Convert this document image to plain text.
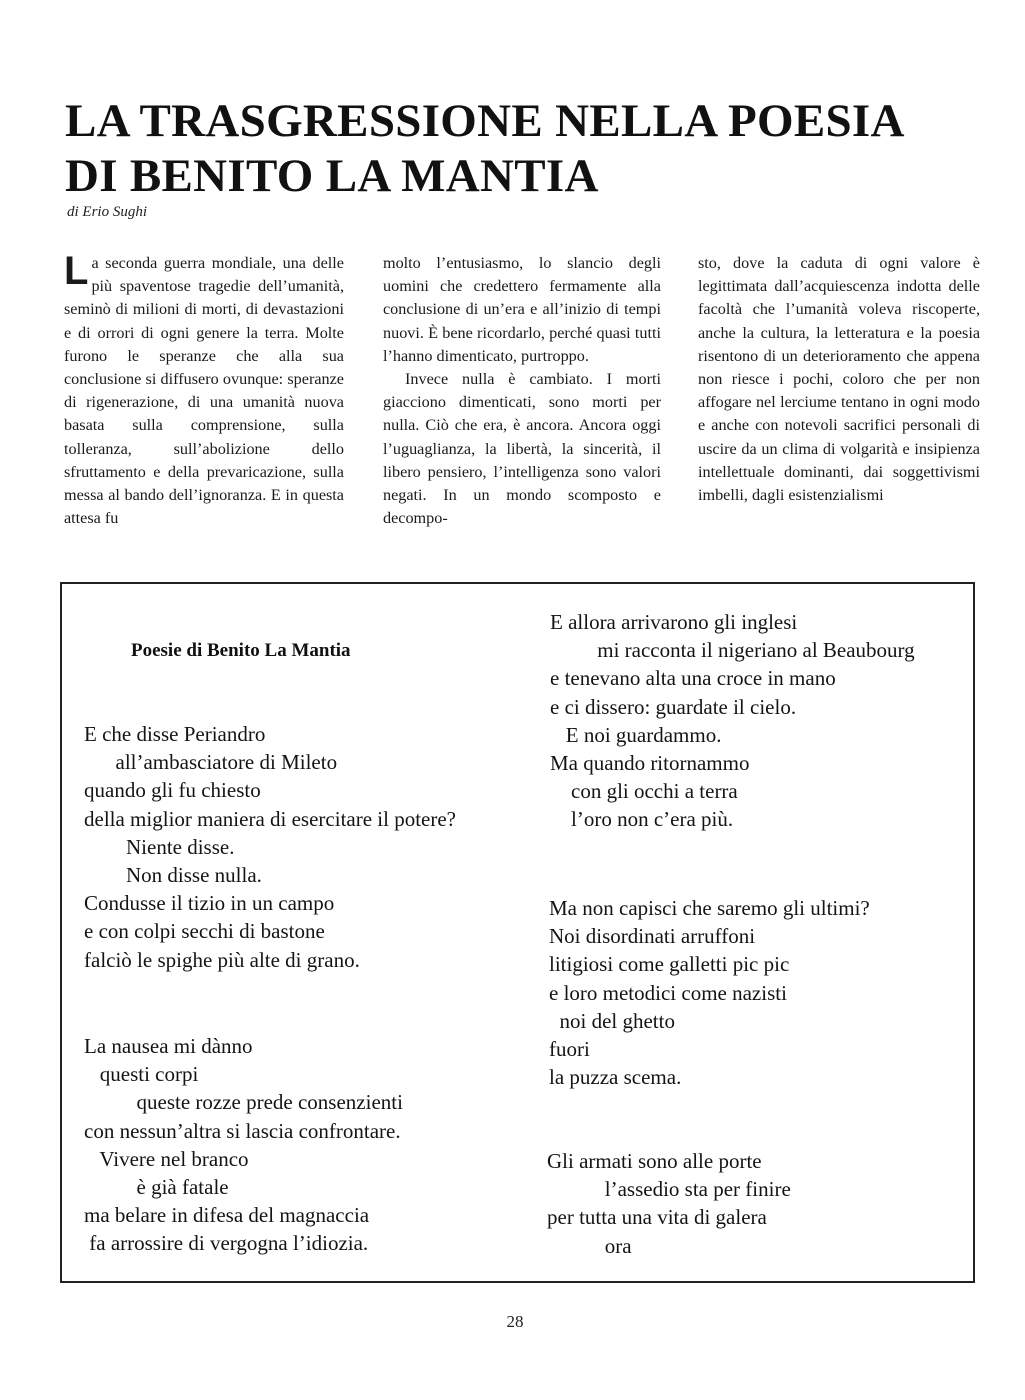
LA TRASGRESSIONE NELLA POESIA
DI BENITO LA MANTIA
di Erio Sughi

La seconda guerra mondiale, una delle più spaventose tragedie dell’umanità, seminò di milioni di morti, di devastazioni e di orrori di ogni genere la terra. Molte furono le speranze che alla sua conclusione si diffusero ovunque: speranze di rigenerazione, di una umanità nuova basata sulla comprensione, sulla tolleranza, sull’abolizione dello sfruttamento e della prevaricazione, sulla messa al bando dell’ignoranza. E in questa attesa fu

molto l’entusiasmo, lo slancio degli uomini che credettero fermamente alla conclusione di un’era e all’inizio di tempi nuovi. È bene ricordarlo, perché quasi tutti l’hanno dimenticato, purtroppo.

Invece nulla è cambiato. I morti giacciono dimenticati, sono morti per nulla. Ciò che era, è ancora. Ancora oggi l’uguaglianza, la libertà, la sincerità, il libero pensiero, l’intelligenza sono valori negati. In un mondo scomposto e decompo-

sto, dove la caduta di ogni valore è legittimata dall’acquiescenza indotta delle facoltà che l’umanità voleva riscoperte, anche la cultura, la letteratura e la poesia risentono di un deterioramento che appena non riesce i pochi, coloro che per non affogare nel lerciume tentano in ogni modo e anche con notevoli sacrifici personali di uscire da un clima di volgarità e insipienza intellettuale dominanti, dai soggettivismi imbelli, dagli esistenzialismi

Poesie di Benito La Mantia
E che disse Periandro
all’ambasciatore di Mileto
quando gli fu chiesto
della miglior maniera di esercitare il potere?
Niente disse.
Non disse nulla.
Condusse il tizio in un campo
e con colpi secchi di bastone
falciò le spighe più alte di grano.
La nausea mi dànno
questi corpi
queste rozze prede consenzienti
con nessun’altra si lascia confrontare.
Vivere nel branco
è già fatale
ma belare in difesa del magnaccia
fa arrossire di vergogna l’idiozia.
E allora arrivarono gli inglesi
mi racconta il nigeriano al Beaubourg
e tenevano alta una croce in mano
e ci dissero: guardate il cielo.
E noi guardammo.
Ma quando ritornammo
con gli occhi a terra
l’oro non c’era più.
Ma non capisci che saremo gli ultimi?
Noi disordinati arruffoni
litigiosi come galletti pic pic
e loro metodici come nazisti
noi del ghetto
fuori
la puzza scema.
Gli armati sono alle porte
l’assedio sta per finire
per tutta una vita di galera
ora
28
